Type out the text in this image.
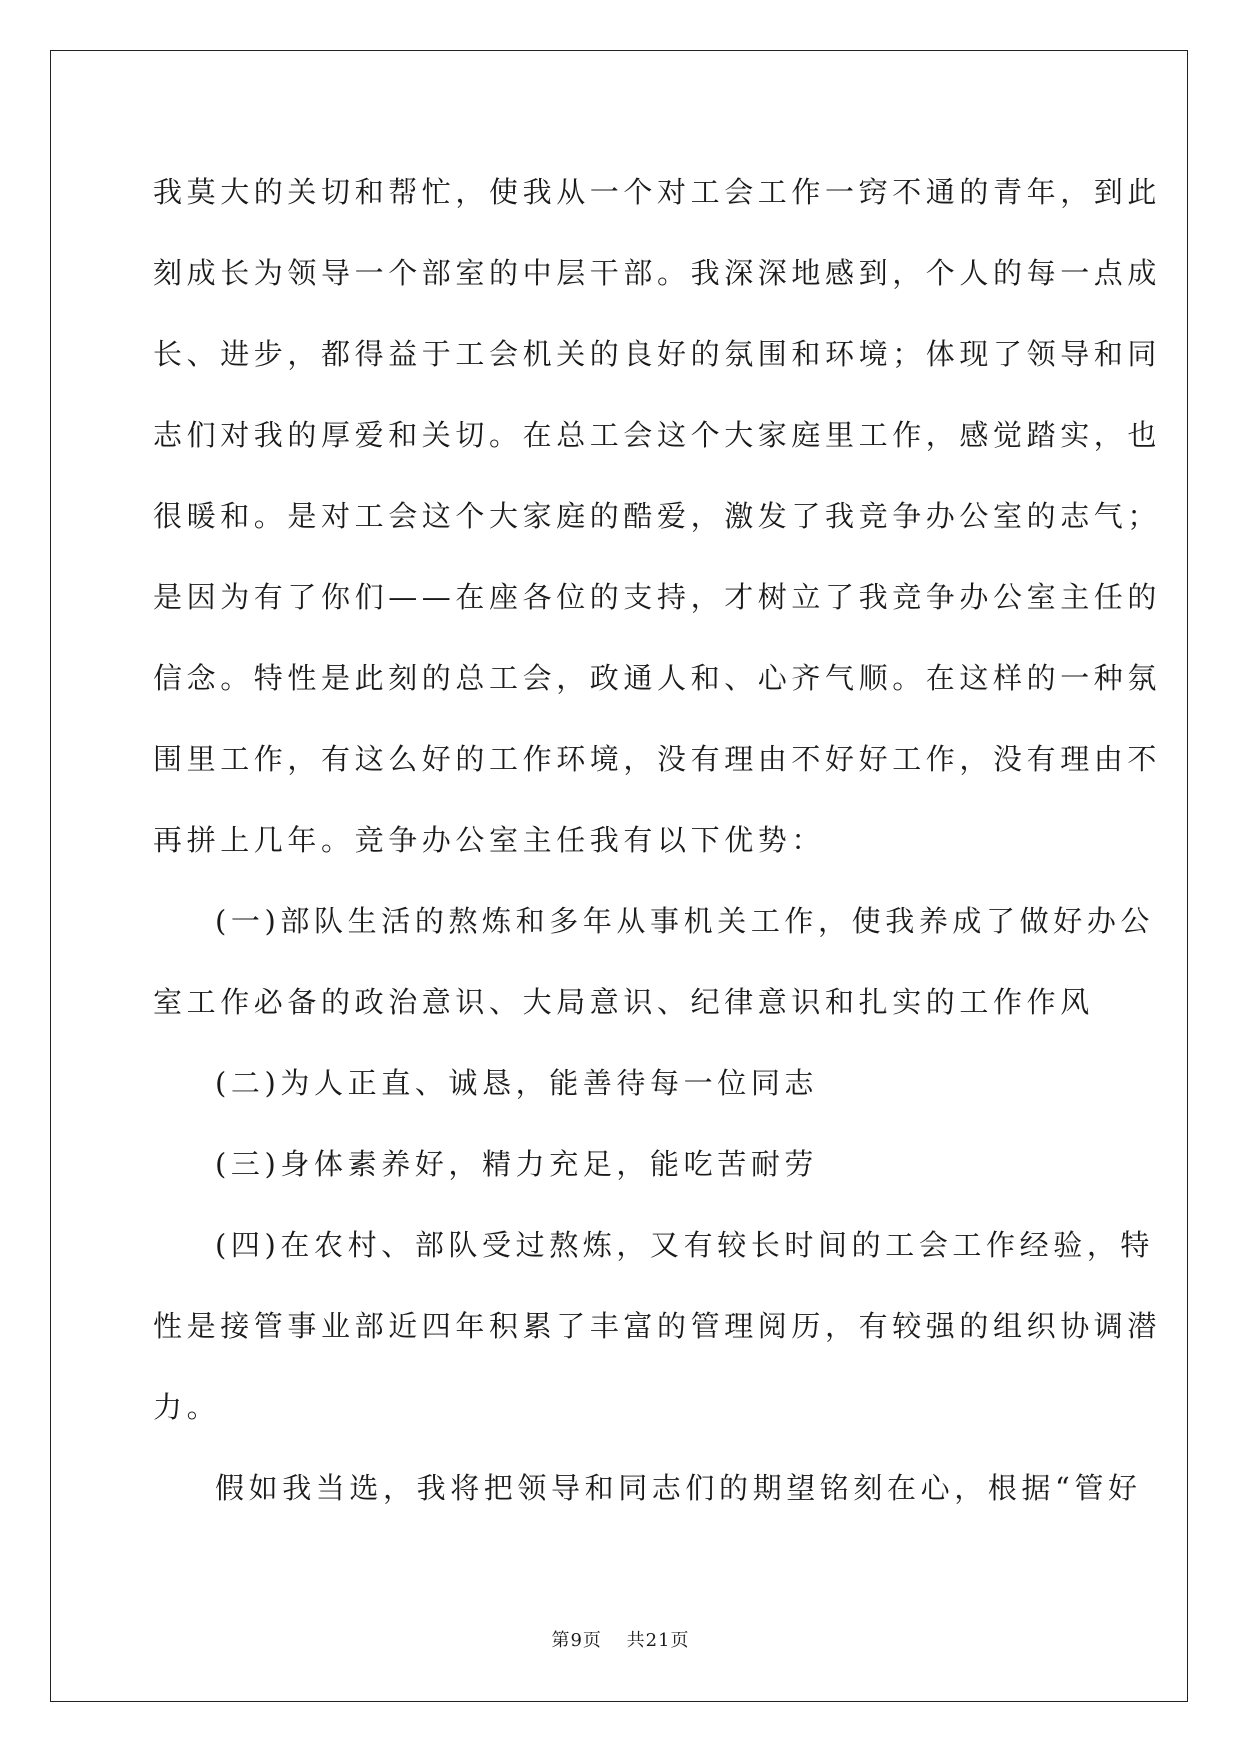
我莫大的关切和帮忙，使我从一个对工会工作一窍不通的青年，到此
刻成长为领导一个部室的中层干部。我深深地感到，个人的每一点成
长、进步，都得益于工会机关的良好的氛围和环境；体现了领导和同
志们对我的厚爱和关切。在总工会这个大家庭里工作，感觉踏实，也
很暖和。是对工会这个大家庭的酷爱，激发了我竞争办公室的志气；
是因为有了你们——在座各位的支持，才树立了我竞争办公室主任的
信念。特性是此刻的总工会，政通人和、心齐气顺。在这样的一种氛
围里工作，有这么好的工作环境，没有理由不好好工作，没有理由不
再拼上几年。竞争办公室主任我有以下优势：
(一)部队生活的熬炼和多年从事机关工作，使我养成了做好办公
室工作必备的政治意识、大局意识、纪律意识和扎实的工作作风
(二)为人正直、诚恳，能善待每一位同志
(三)身体素养好，精力充足，能吃苦耐劳
(四)在农村、部队受过熬炼，又有较长时间的工会工作经验，特
性是接管事业部近四年积累了丰富的管理阅历，有较强的组织协调潜
力。
假如我当选，我将把领导和同志们的期望铭刻在心，根据“管好
第9页 共21页
